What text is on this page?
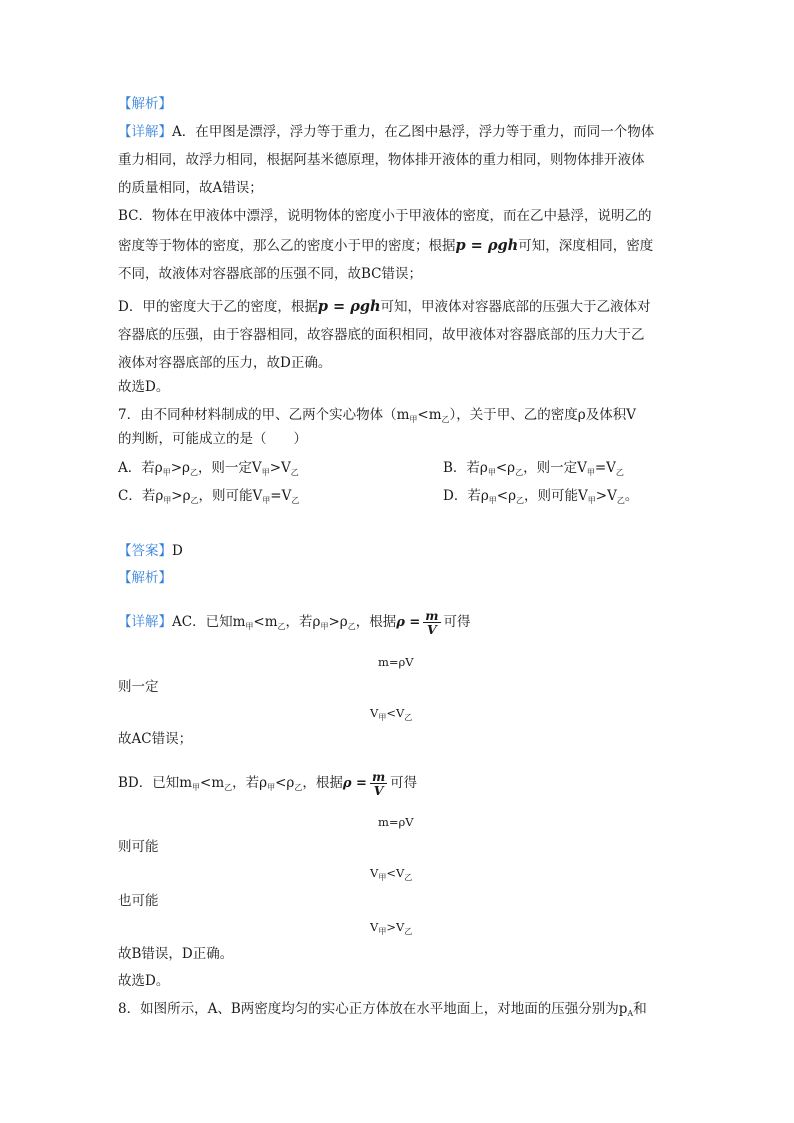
【解析】
【详解】A．在甲图是漂浮，浮力等于重力，在乙图中悬浮，浮力等于重力，而同一个物体
重力相同，故浮力相同，根据阿基米德原理，物体排开液体的重力相同，则物体排开液体
的质量相同，故A错误；
BC．物体在甲液体中漂浮，说明物体的密度小于甲液体的密度，而在乙中悬浮，说明乙的
密度等于物体的密度，那么乙的密度小于甲的密度；根据p = ρgh可知，深度相同，密度
不同，故液体对容器底部的压强不同，故BC错误；
D．甲的密度大于乙的密度，根据p = ρgh可知，甲液体对容器底部的压强大于乙液体对
容器底的压强，由于容器相同，故容器底的面积相同，故甲液体对容器底部的压力大于乙
液体对容器底部的压力，故D正确。
故选D。
7．由不同种材料制成的甲、乙两个实心物体$(m_甲<m_乙)$，关于甲、乙的密度ρ及体积V
的判断，可能成立的是（　　）
A．若$\rho_甲>\rho_乙$，则一定$V_甲>V_乙$	B．若$\rho_甲<\rho_乙$，则一定$V_甲=V_乙$
C．若$\rho_甲>\rho_乙$，则可能$V_甲=V_乙$	D．若$\rho_甲<\rho_乙$，则可能$V_甲>V_乙$。
【答案】D
【解析】
【详解】AC．已知$m_甲<m_乙$，若$\rho_甲>\rho_乙$，根据$\rho = \frac{m}{V}$ 可得
m=ρV
则一定
$V_甲<V_乙$
故AC错误；
BD．已知$m_甲<m_乙$，若$\rho_甲<\rho_乙$，根据$\rho = \frac{m}{V}$ 可得
m=ρV
则可能
$V_甲<V_乙$
也可能
$V_甲>V_乙$
故B错误，D正确。
故选D。
8．如图所示，A、B两密度均匀的实心正方体放在水平地面上，对地面的压强分别为$p_A$和
